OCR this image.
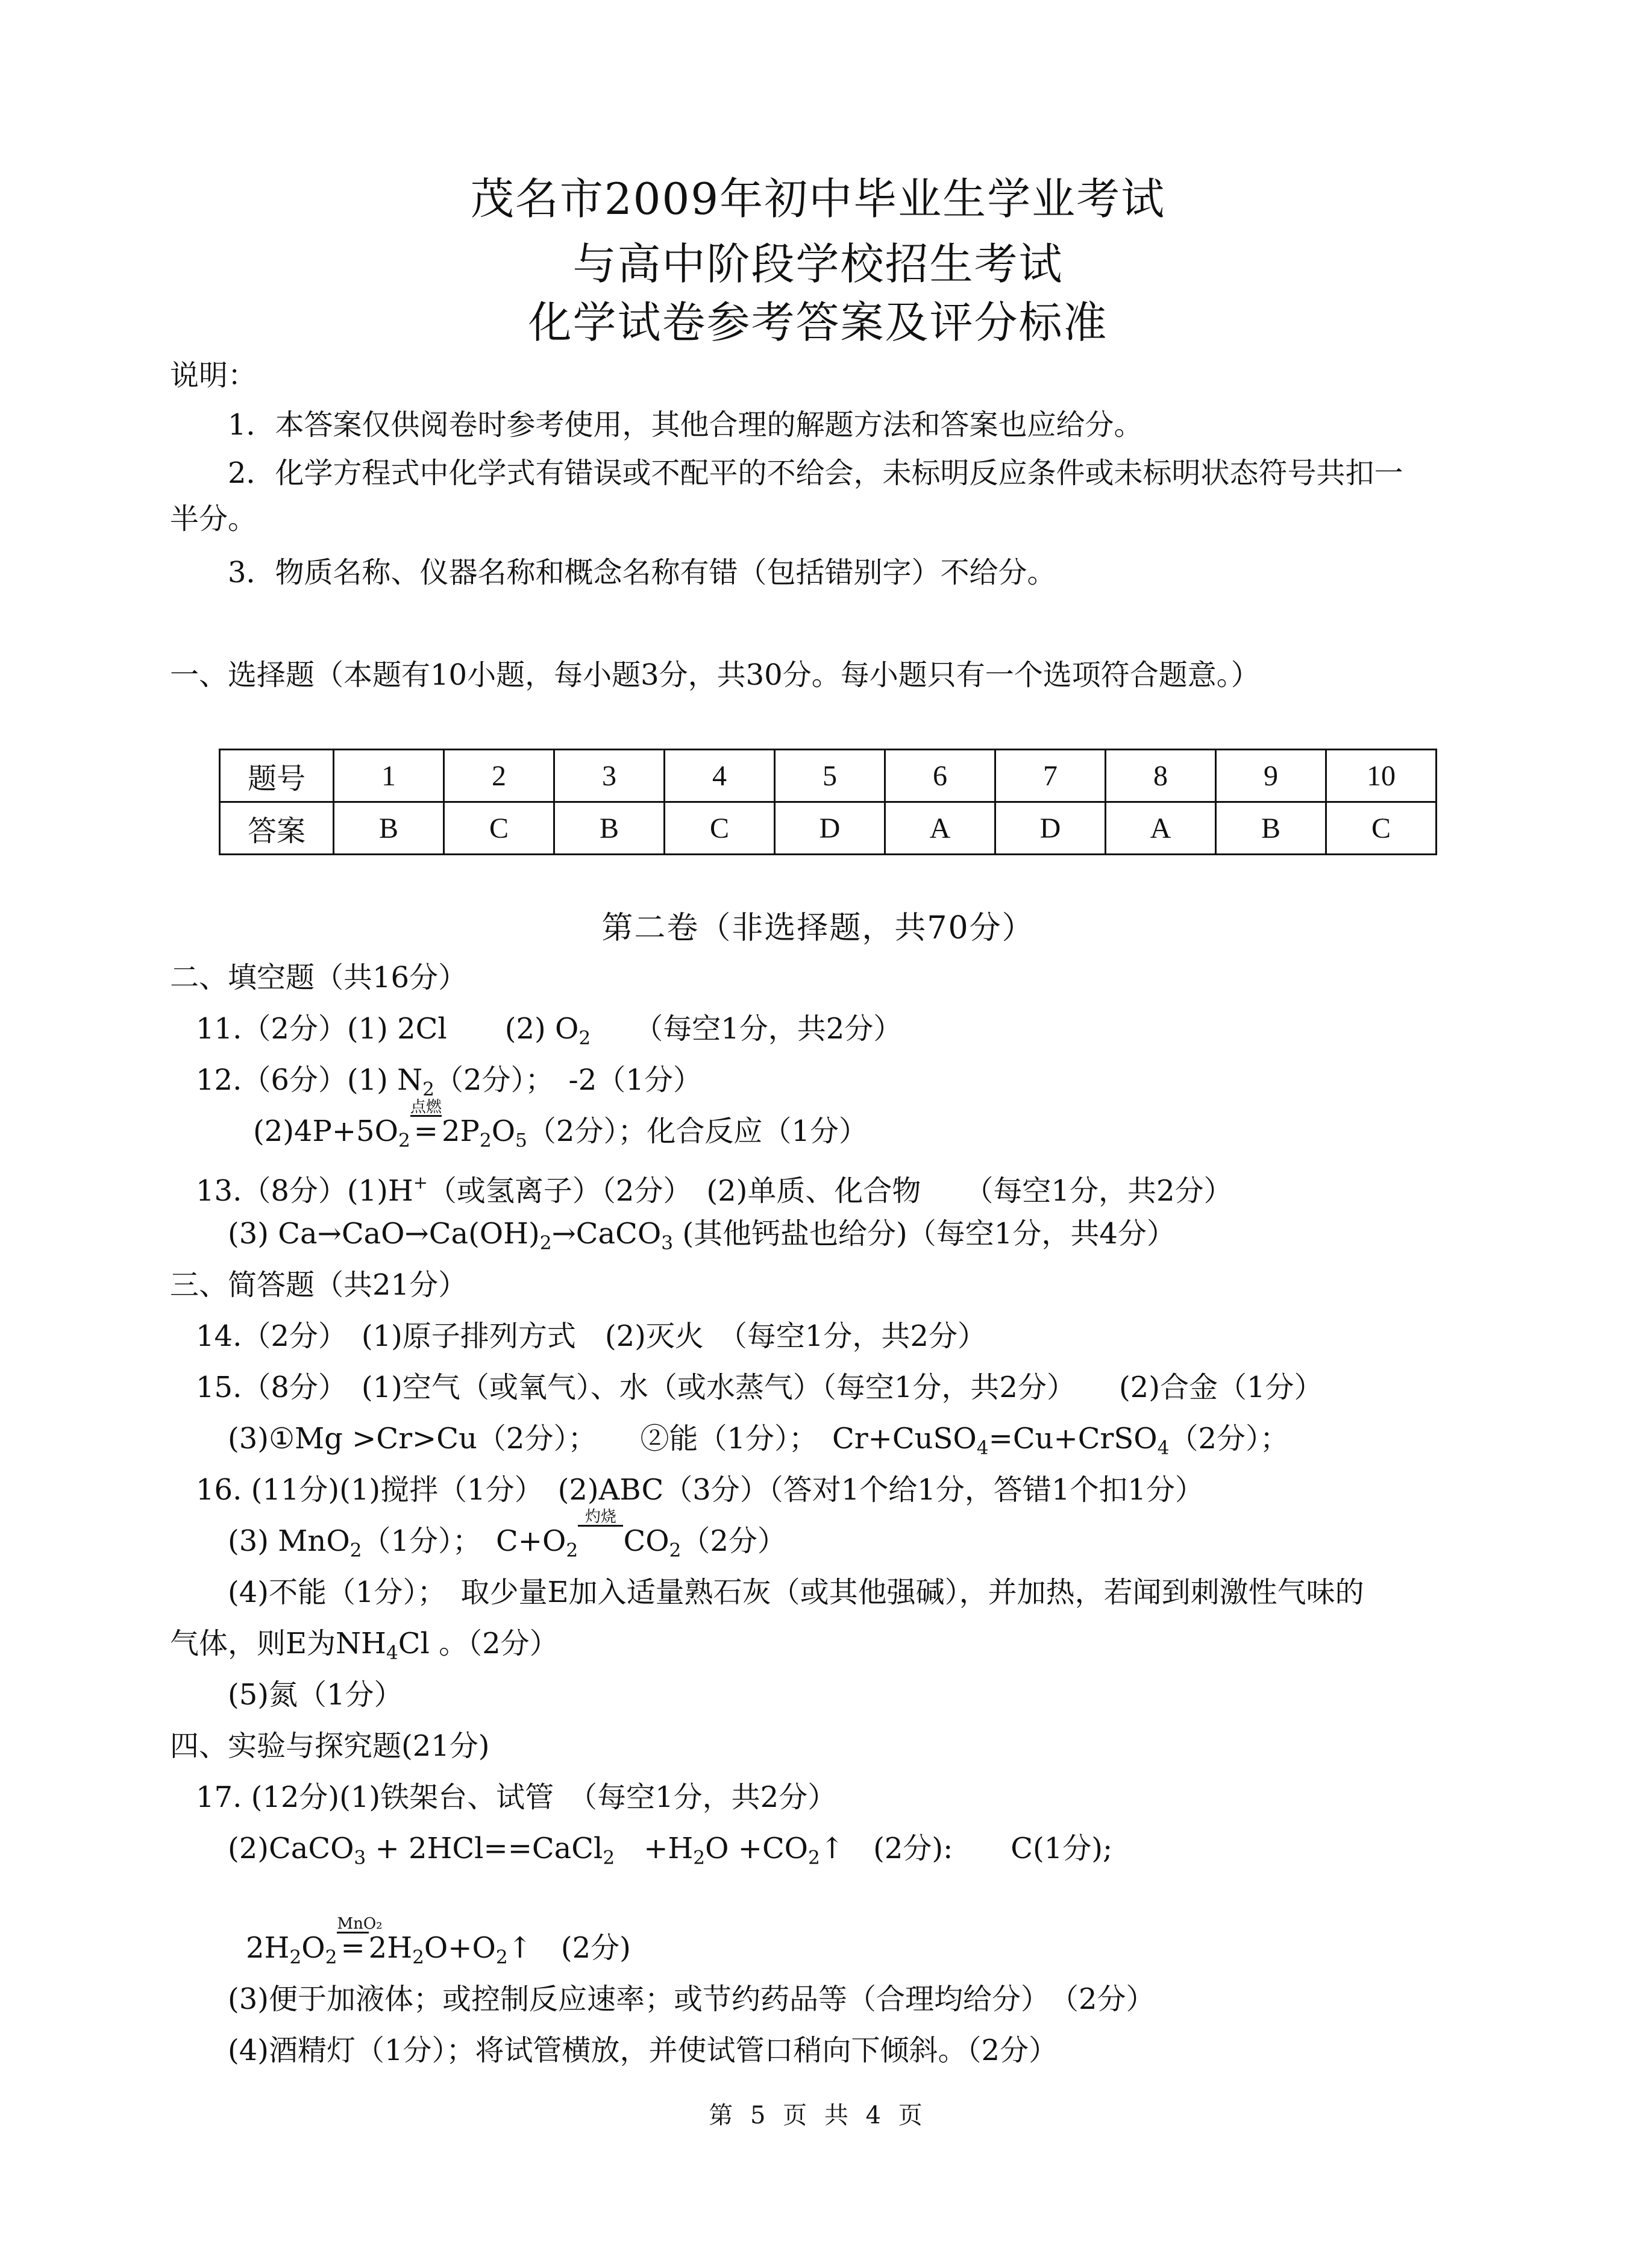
茂名市2009年初中毕业生学业考试
与高中阶段学校招生考试
化学试卷参考答案及评分标准
说明：
1．本答案仅供阅卷时参考使用，其他合理的解题方法和答案也应给分。
2．化学方程式中化学式有错误或不配平的不给会，未标明反应条件或未标明状态符号共扣一
半分。
3．物质名称、仪器名称和概念名称有错（包括错别字）不给分。
一、选择题（本题有10小题，每小题3分，共30分。每小题只有一个选项符合题意。）
题号	1	2	3	4	5	6	7	8	9	10
答案	B	C	B	C	D	A	D	A	B	C
第二卷（非选择题，共70分）
二、填空题（共16分）
11.（2分）(1) 2Cl　　(2) $O_2$　　（每空1分，共2分）
12.（6分）(1) $N_2(2$分）；　-2（1分）
$(2)4P+5O_2$
点燃
= $2P_2O_5(2$分）；化合反应（1分）
13.（8分）(1)H+（或氢离子）（2分）　(2)单质、化合物　　（每空1分，共2分）
(3) $Ca\to CaO\to Ca(OH)_2\to CaCO_3$ (其他钙盐也给分)（每空1分，共4分）
三、简答题（共21分）
14.（2分）　(1)原子排列方式　(2)灭火　（每空1分，共2分）
15.（8分）　(1)空气（或氧气）、水（或水蒸气）（每空1分，共2分）　　(2)合金（1分）
(3)①Mg >Cr>Cu（2分）；　　②能（1分）；　Cr+CuSO$_4$=Cu+CrSO$_4$（2分）；
16. (11分)(1)搅拌（1分）　(2)ABC（3分）（答对1个给1分，答错1个扣1分）
(3) MnO$_2$（1分）；　$C+O_2$
灼烧
$CO_2(2$分）
(4)不能（1分）；　取少量E加入适量熟石灰（或其他强碱），并加热，若闻到刺激性气味的
气体，则E为$NH_4Cl$ 。（2分）
(5)氮（1分）
四、实验与探究题(21分)
17. (12分)(1)铁架台、试管　（每空1分，共2分）
(2)CaCO$_3$ + 2HCl==CaCl$_2$　$+H_2O$ $+CO_2↑$　(2分):　　C(1分);
$2H_2O_2$
MnO₂
= $2H_2O+O_2↑$　(2分)
(3)便于加液体；或控制反应速率；或节约药品等（合理均给分）　（2分）
(4)酒精灯（1分）；将试管横放，并使试管口稍向下倾斜。（2分）
第 5 页 共 4 页
